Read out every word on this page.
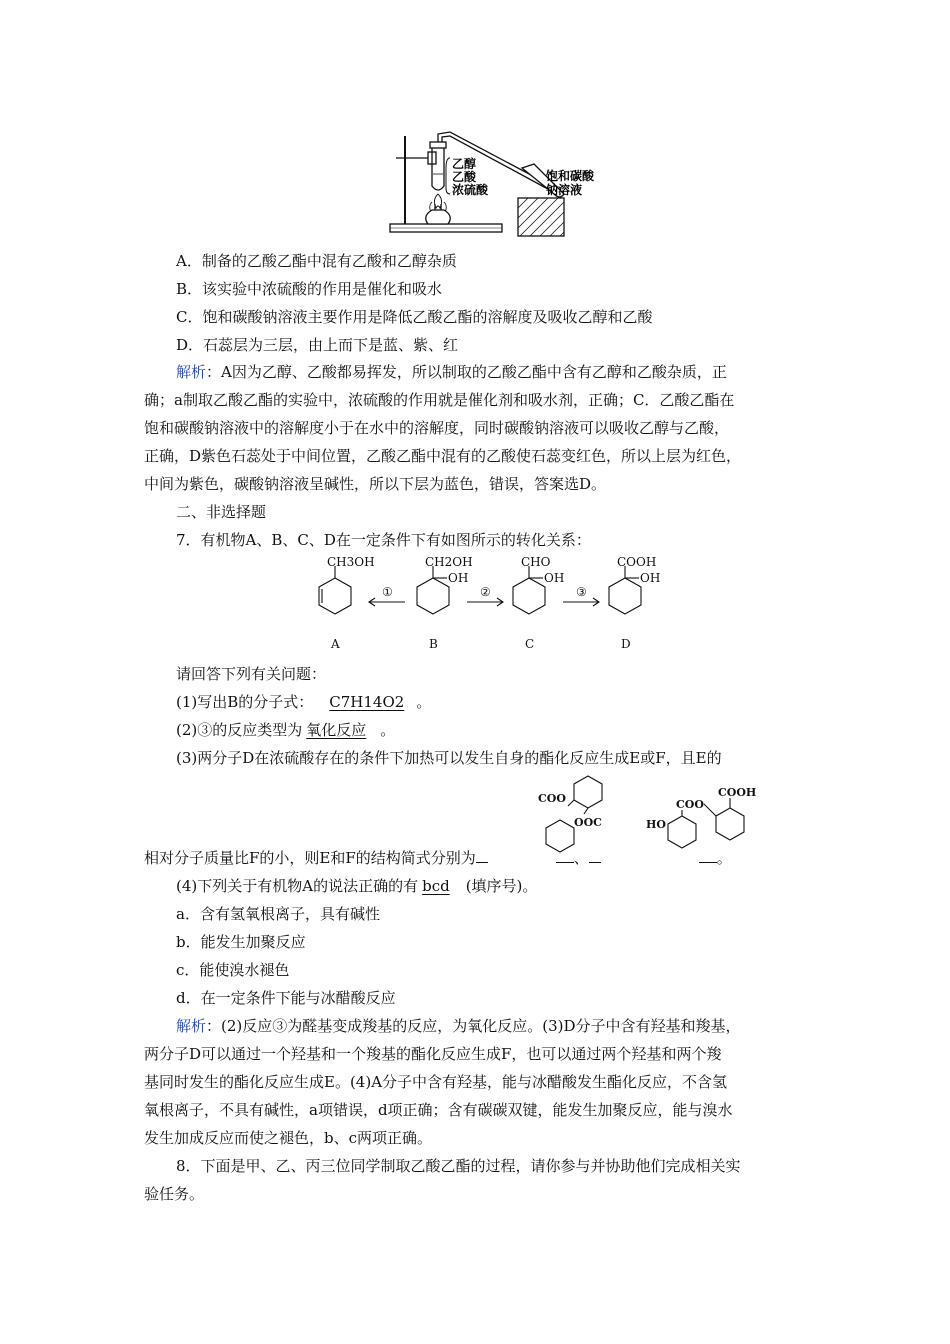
乙醇
乙酸
浓硫酸
饱和碳酸
钠溶液
A．制备的乙酸乙酯中混有乙酸和乙醇杂质
B．该实验中浓硫酸的作用是催化和吸水
C．饱和碳酸钠溶液主要作用是降低乙酸乙酯的溶解度及吸收乙醇和乙酸
D．石蕊层为三层，由上而下是蓝、紫、红
解析：A因为乙醇、乙酸都易挥发，所以制取的乙酸乙酯中含有乙醇和乙酸杂质，正
确；a制取乙酸乙酯的实验中，浓硫酸的作用就是催化剂和吸水剂，正确；C．乙酸乙酯在
饱和碳酸钠溶液中的溶解度小于在水中的溶解度，同时碳酸钠溶液可以吸收乙醇与乙酸，
正确，D紫色石蕊处于中间位置，乙酸乙酯中混有的乙酸使石蕊变红色，所以上层为红色，
中间为紫色，碳酸钠溶液呈碱性，所以下层为蓝色，错误，答案选D。
二、非选择题
7．有机物A、B、C、D在一定条件下有如图所示的转化关系：
CH3OH	CH2OH
OH
CHO
OH
COOH
OH
①	②	③
A	B	C	D
请回答下列有关问题：
(1)写出B的分子式： C7H14O2 。
(2)③的反应类型为 氧化反应 。
(3)两分子D在浓硫酸存在的条件下加热可以发生自身的酯化反应生成E或F，且E的
COO
OOC
COO
COOH
HO
相对分子质量比F的小，则E和F的结构简式分别为	、	。
(4)下列关于有机物A的说法正确的有 bcd (填序号)。
a．含有氢氧根离子，具有碱性
b．能发生加聚反应
c．能使溴水褪色
d．在一定条件下能与冰醋酸反应
解析：(2)反应③为醛基变成羧基的反应，为氧化反应。(3)D分子中含有羟基和羧基，
两分子D可以通过一个羟基和一个羧基的酯化反应生成F，也可以通过两个羟基和两个羧
基同时发生的酯化反应生成E。(4)A分子中含有羟基，能与冰醋酸发生酯化反应，不含氢
氧根离子，不具有碱性，a项错误，d项正确；含有碳碳双键，能发生加聚反应，能与溴水
发生加成反应而使之褪色，b、c两项正确。
8．下面是甲、乙、丙三位同学制取乙酸乙酯的过程，请你参与并协助他们完成相关实
验任务。
